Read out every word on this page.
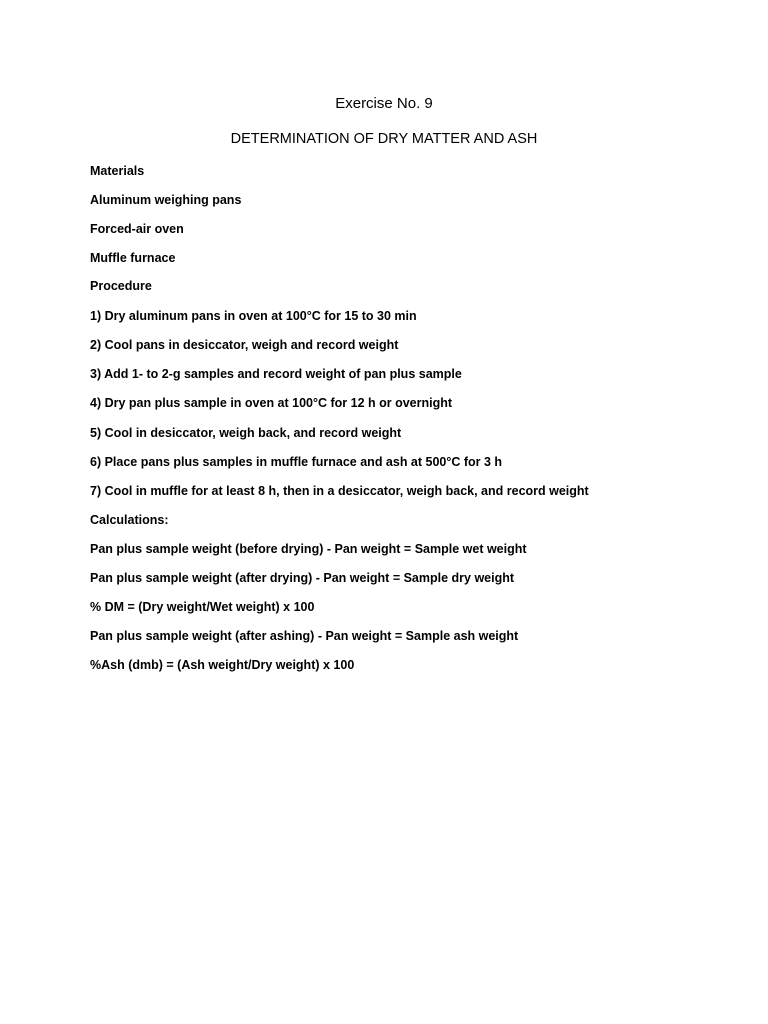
Exercise No. 9
DETERMINATION OF DRY MATTER AND ASH
Materials
Aluminum weighing pans
Forced-air oven
Muffle furnace
Procedure
1) Dry aluminum pans in oven at 100°C for 15 to 30 min
2) Cool pans in desiccator, weigh and record weight
3) Add 1- to 2-g samples and record weight of pan plus sample
4) Dry pan plus sample in oven at 100°C for 12 h or overnight
5) Cool in desiccator, weigh back, and record weight
6) Place pans plus samples in muffle furnace and ash at 500°C for 3 h
7) Cool in muffle for at least 8 h, then in a desiccator, weigh back, and record weight
Calculations:
Pan plus sample weight (before drying) - Pan weight = Sample wet weight
Pan plus sample weight (after drying) - Pan weight = Sample dry weight
% DM = (Dry weight/Wet weight) x 100
Pan plus sample weight (after ashing) - Pan weight = Sample ash weight
%Ash (dmb) = (Ash weight/Dry weight) x 100
